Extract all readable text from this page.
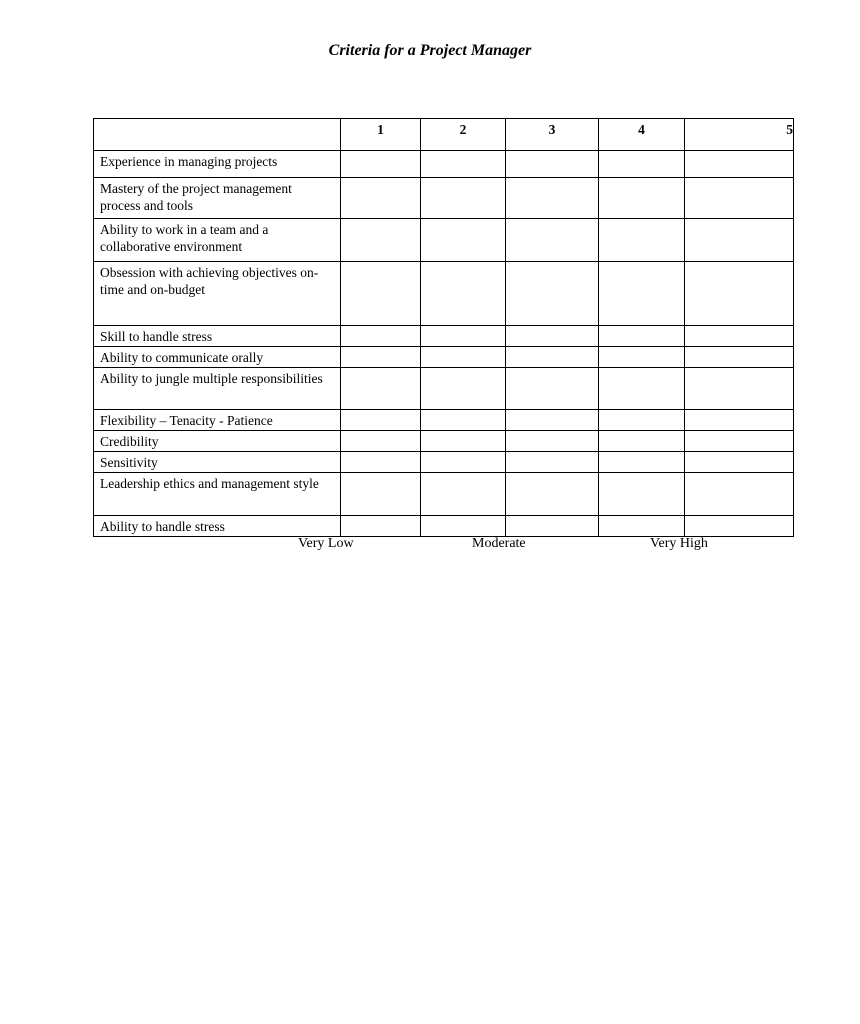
Criteria for a Project Manager
	1	2	3	4	5
Experience in managing projects					
Mastery of the project management process and tools					
Ability to work in a team and a collaborative environment					
Obsession with achieving objectives on-time and on-budget					
Skill to handle stress					
Ability to communicate orally					
Ability to jungle multiple responsibilities					
Flexibility – Tenacity - Patience					
Credibility					
Sensitivity					
Leadership ethics and management style					
Ability to handle stress					
Very Low	Moderate	Very High
